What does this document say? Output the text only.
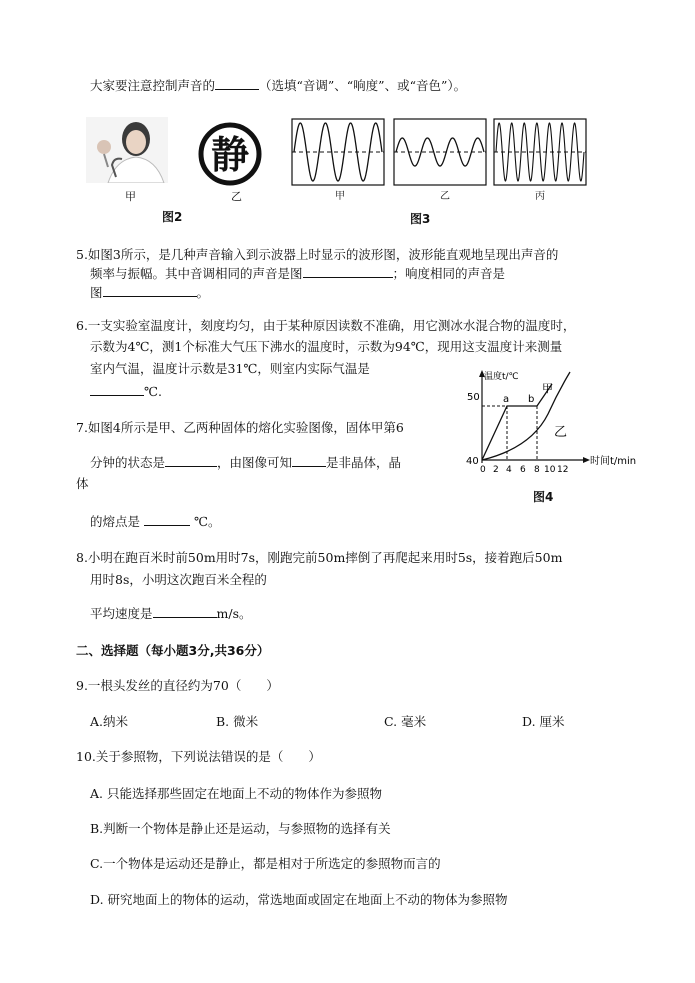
大家要注意控制声音的	（选填“音调”、“响度”、或“音色”）。
甲
静
乙
图2
甲	乙	丙
图3
5.如图3所示，是几种声音输入到示波器上时显示的波形图，波形能直观地呈现出声音的
频率与振幅。其中音调相同的声音是图	；响度相同的声音是
图	。
6.一支实验室温度计，刻度均匀，由于某种原因读数不准确，用它测冰水混合物的温度时，
示数为4℃，测1个标准大气压下沸水的温度时，示数为94℃，现用这支温度计来测量
室内气温，温度计示数是31℃，则室内实际气温是
℃.
7.如图4所示是甲、乙两种固体的熔化实验图像，固体甲第6
分钟的状态是	，由图像可知	是非晶体，晶
体
的熔点是	℃。
温度t/℃
时间t/min
50
40
0 2 4 6 8 10 12
a b
甲
乙
图4
8.小明在跑百米时前50m用时7s，刚跑完前50m摔倒了再爬起来用时5s，接着跑后50m
用时8s，小明这次跑百米全程的
平均速度是	m/s。
二、选择题（每小题3分,共36分）
9.一根头发丝的直径约为70（　　）
A.纳米	B. 微米	C. 毫米	D. 厘米
10.关于参照物，下列说法错误的是（　　）
A. 只能选择那些固定在地面上不动的物体作为参照物
B.判断一个物体是静止还是运动，与参照物的选择有关
C.一个物体是运动还是静止，都是相对于所选定的参照物而言的
D. 研究地面上的物体的运动，常选地面或固定在地面上不动的物体为参照物
